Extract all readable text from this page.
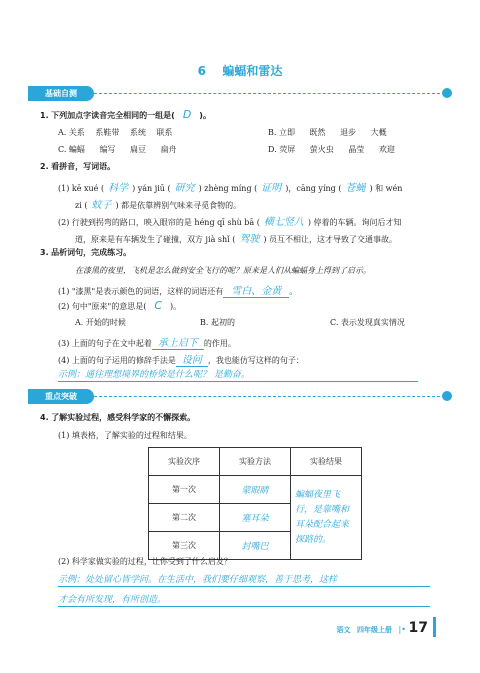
6 蝙蝠和雷达
基础自测
1. 下列加点字读音完全相同的一组是( D )。
A. 关系 系鞋带 系统 联系	B. 立即 既然 退步 大概
C. 蝙蝠 编写 扁豆 扁舟	D. 荧屏 萤火虫 晶莹 欢迎
2. 看拼音，写词语。
(1) kē xué ( 科学 ) yán jiū ( 研究 ) zhèng míng ( 证明 )，cāng yíng ( 苍蝇 ) 和 wén
zi ( 蚊子 ) 都是依靠辨别气味来寻觅食物的。
(2) 行驶到拐弯的路口，映入眼帘的是 héng qī shù bā ( 横七竖八 ) 停着的车辆。询问后才知
道，原来是有车辆发生了碰撞，双方 jià shǐ ( 驾驶 ) 员互不相让，这才导致了交通事故。
3. 品析词句，完成练习。
在漆黑的夜里，飞机是怎么做到安全飞行的呢？原来是人们从蝙蝠身上得到了启示。
(1) "漆黑"是表示颜色的词语，这样的词语还有 雪白、金黄 。
(2) 句中"原来"的意思是( C )。
A. 开始的时候	B. 起初的	C. 表示发现真实情况
(3) 上面的句子在文中起着 承上启下 的作用。
(4) 上面的句子运用的修辞手法是 设问 ，我也能仿写这样的句子：
示例：通往理想境界的桥梁是什么呢？ 是勤奋。
重点突破
4. 了解实验过程，感受科学家的不懈探索。
(1) 填表格，了解实验的过程和结果。
实验次序	实验方法	实验结果
第一次	蒙眼睛	蝙蝠夜里飞行，是靠嘴和耳朵配合起来探路的。
第二次	塞耳朵	
第三次	封嘴巴	
(2) 科学家做实验的过程，让你受到了什么启发？
示例：处处留心皆学问。在生活中，我们要仔细观察，善于思考，这样
才会有所发现，有所创造。
语文 四年级上册 |• 17
